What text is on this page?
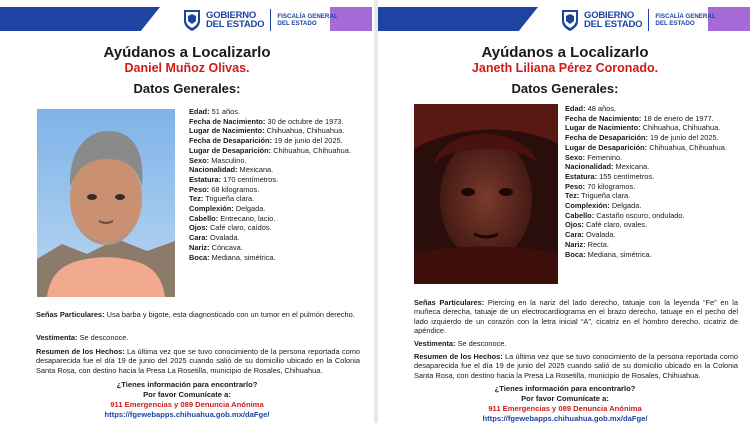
GOBIERNO
DEL ESTADO
FISCALÍA GENERAL
DEL ESTADO
Ayúdanos a Localizarlo
Daniel Muñoz Olivas.
Datos Generales:
Edad: 51 años.
Fecha de Nacimiento: 30 de octubre de 1973.
Lugar de Nacimiento: Chihuahua, Chihuahua.
Fecha de Desaparición: 19 de junio del 2025.
Lugar de Desaparición: Chihuahua, Chihuahua.
Sexo: Masculino.
Nacionalidad: Mexicana.
Estatura: 170 centímetros.
Peso: 68 kilogramos.
Tez: Trigueña clara.
Complexión: Delgada.
Cabello: Entrecano, lacio.
Ojos: Café claro, caídos.
Cara: Ovalada.
Nariz: Cóncava.
Boca: Mediana, simétrica.
Señas Particulares: Usa barba y bigote, esta diagnosticado con un tumor en el pulmón derecho.
Vestimenta: Se desconoce.
Resumen de los Hechos: La última vez que se tuvo conocimiento de la persona reportada como desaparecida fue el día 19 de junio del 2025 cuando salió de su domicilio ubicado en la Colonia Santa Rosa, con destino hacia la Presa La Rosetilla, municipio de Rosales, Chihuahua.
¿Tienes información para encontrarlo?
Por favor Comunícate a:
911 Emergencias y 089 Denuncia Anónima
https://fgewebapps.chihuahua.gob.mx/daFge/
GOBIERNO
DEL ESTADO
FISCALÍA GENERAL
DEL ESTADO
Ayúdanos a Localizarlo
Janeth Liliana Pérez Coronado.
Datos Generales:
Edad: 48 años.
Fecha de Nacimiento: 18 de enero de 1977.
Lugar de Nacimiento: Chihuahua, Chihuahua.
Fecha de Desaparición: 19 de junio del 2025.
Lugar de Desaparición: Chihuahua, Chihuahua.
Sexo: Femenino.
Nacionalidad: Mexicana.
Estatura: 155 centímetros.
Peso: 70 kilogramos.
Tez: Trigueña clara.
Complexión: Delgada.
Cabello: Castaño oscuro, ondulado.
Ojos: Café claro, ovales.
Cara: Ovalada.
Nariz: Recta.
Boca: Mediana, simétrica.
Señas Particulares: Piercing en la nariz del lado derecho, tatuaje con la leyenda “Fe” en la muñeca derecha, tatuaje de un electrocardiograma en el brazo derecho, tatuaje en el pecho del lado izquierdo de un corazón con la letra inicial “A”, cicatriz en el hombro derecho, cicatriz de apéndice.
Vestimenta: Se desconoce.
Resumen de los Hechos: La última vez que se tuvo conocimiento de la persona reportada como desaparecida fue el día 19 de junio del 2025 cuando salió de su domicilio ubicado en la Colonia Santa Rosa, con destino hacia la Presa La Rosetilla, municipio de Rosales, Chihuahua.
¿Tienes información para encontrarlo?
Por favor Comunícate a:
911 Emergencias y 089 Denuncia Anónima
https://fgewebapps.chihuahua.gob.mx/daFge/
